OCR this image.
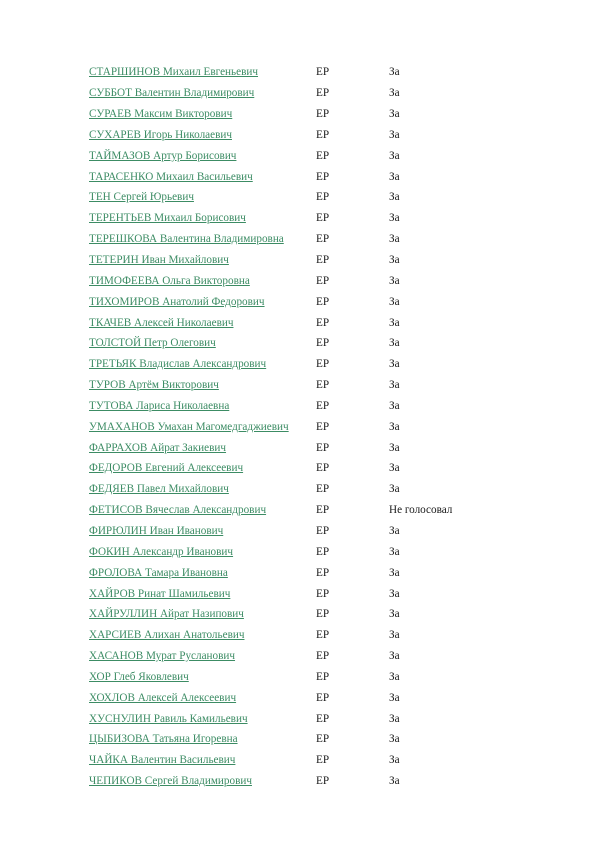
СТАРШИНОВ Михаил Евгеньевич	ЕР	За
СУББОТ Валентин Владимирович	ЕР	За
СУРАЕВ Максим Викторович	ЕР	За
СУХАРЕВ Игорь Николаевич	ЕР	За
ТАЙМАЗОВ Артур Борисович	ЕР	За
ТАРАСЕНКО Михаил Васильевич	ЕР	За
ТЕН Сергей Юрьевич	ЕР	За
ТЕРЕНТЬЕВ Михаил Борисович	ЕР	За
ТЕРЕШКОВА Валентина Владимировна	ЕР	За
ТЕТЕРИН Иван Михайлович	ЕР	За
ТИМОФЕЕВА Ольга Викторовна	ЕР	За
ТИХОМИРОВ Анатолий Федорович	ЕР	За
ТКАЧЕВ Алексей Николаевич	ЕР	За
ТОЛСТОЙ Петр Олегович	ЕР	За
ТРЕТЬЯК Владислав Александрович	ЕР	За
ТУРОВ Артём Викторович	ЕР	За
ТУТОВА Лариса Николаевна	ЕР	За
УМАХАНОВ Умахан Магомедгаджиевич	ЕР	За
ФАРРАХОВ Айрат Закиевич	ЕР	За
ФЕДОРОВ Евгений Алексеевич	ЕР	За
ФЕДЯЕВ Павел Михайлович	ЕР	За
ФЕТИСОВ Вячеслав Александрович	ЕР	Не голосовал
ФИРЮЛИН Иван Иванович	ЕР	За
ФОКИН Александр Иванович	ЕР	За
ФРОЛОВА Тамара Ивановна	ЕР	За
ХАЙРОВ Ринат Шамильевич	ЕР	За
ХАЙРУЛЛИН Айрат Назипович	ЕР	За
ХАРСИЕВ Алихан Анатольевич	ЕР	За
ХАСАНОВ Мурат Русланович	ЕР	За
ХОР Глеб Яковлевич	ЕР	За
ХОХЛОВ Алексей Алексеевич	ЕР	За
ХУСНУЛИН Равиль Камильевич	ЕР	За
ЦЫБИЗОВА Татьяна Игоревна	ЕР	За
ЧАЙКА Валентин Васильевич	ЕР	За
ЧЕПИКОВ Сергей Владимирович	ЕР	За
